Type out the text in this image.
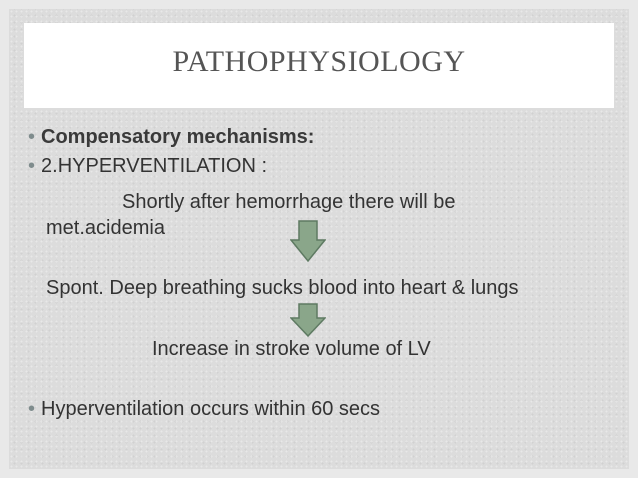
PATHOPHYSIOLOGY

• Compensatory mechanisms:

• 2.HYPERVENTILATION :

Shortly after hemorrhage there will be

met.acidemia

Spont. Deep breathing sucks blood into heart & lungs

Increase in stroke volume of LV

• Hyperventilation occurs within 60 secs
